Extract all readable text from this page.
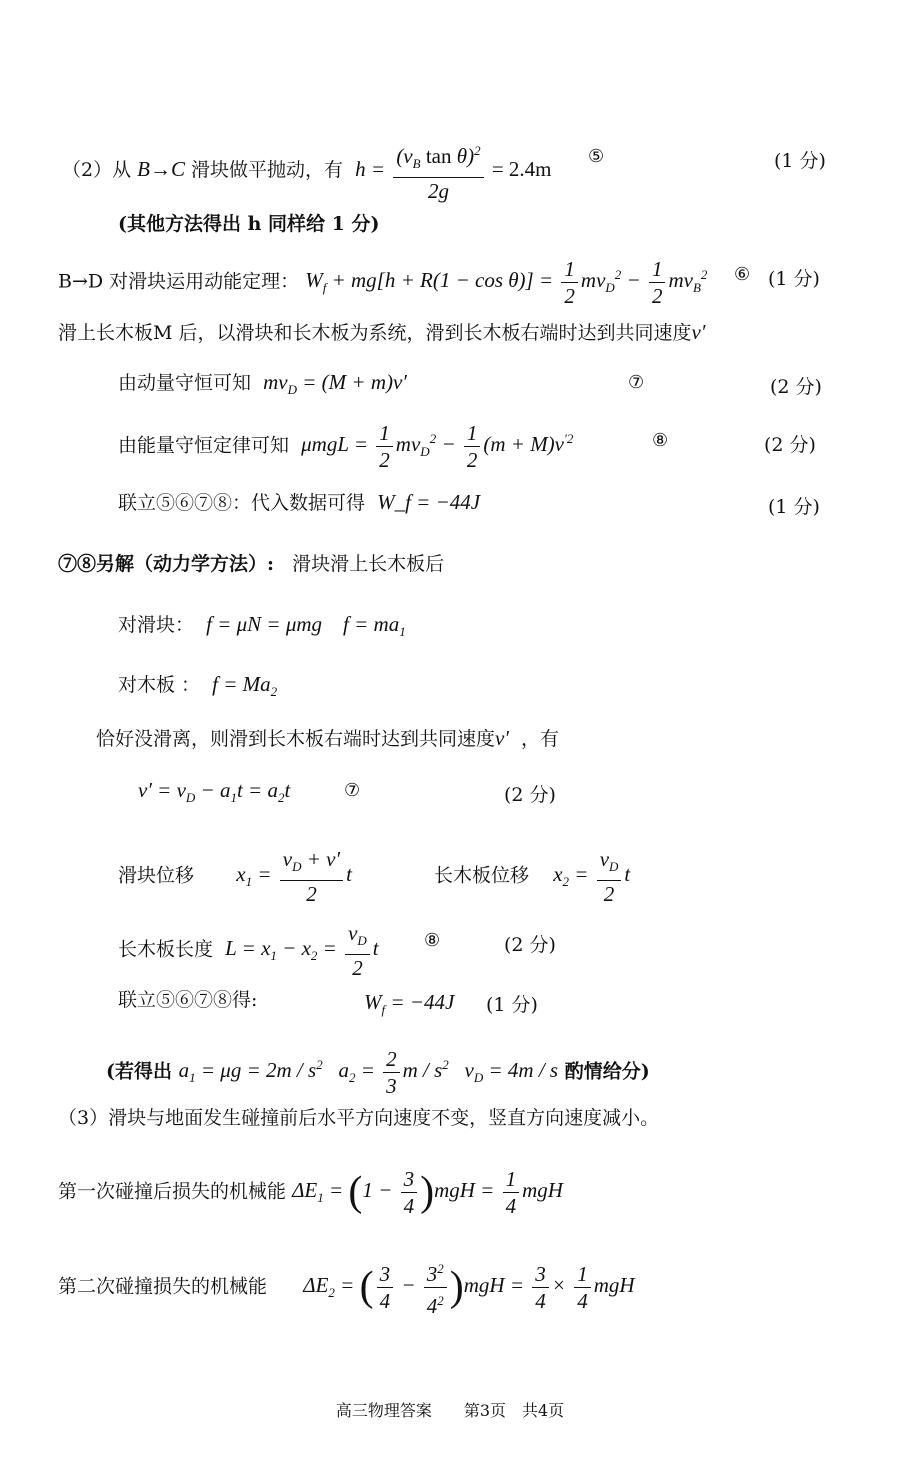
（2）从 B→C 滑块做平抛动，有 $h = \frac{(v_B \tan \theta)^2}{2g} = 2.4m$
⑤	(1 分)
(其他方法得出 h 同样给 1 分)
B→D 对滑块运用动能定理： $W_f + mg[h + R(1 - \cos \theta)] = \frac{1}{2} mv_D^2 - \frac{1}{2} mv_B^2$ ⑥ (1 分)
滑上长木板M 后，以滑块和长木板为系统，滑到长木板右端时达到共同速度v′
由动量守恒可知 $mv_D = (M + m)v'$	⑦	(2 分)
由能量守恒定律可知 $\mu mgL = \frac{1}{2} mv_D^2 - \frac{1}{2} (m + M)v^{'2}$	⑧	(2 分)
联立⑤⑥⑦⑧：代入数据可得 W_f = −44J	(1 分)
⑦⑧另解（动力学方法）: 滑块滑上长木板后
对滑块： f = μN = μmg    $f = ma_1$
对木板 ： $f = Ma_2$
恰好没滑离，则滑到长木板右端时达到共同速度v′ ，有
$v' = v_D - a_1t = a_2t$	⑦	(2 分)
滑块位移 $x_1 = \frac{v_D + v'}{2}$ t	长木板位移 $x_2 = \frac{v_D}{2}$ t
长木板长度 $L = x_1 - x_2 = \frac{v_D}{2}$ t	⑧	(2 分)
联立⑤⑥⑦⑧得:	$W_f = -44J$ (1 分)
(若得出 $a_1 = \mu g = 2m / s^2$   $a_2 = \frac{2}{3}$ m / $s^2$   $v_D = 4m / s$ 酌情给分)
（3）滑块与地面发生碰撞前后水平方向速度不变，竖直方向速度减小。
第一次碰撞后损失的机械能 $\Delta E_1 = (1 - \frac{3}{4} )mgH = \frac{1}{4}$ mgH
第二次碰撞损失的机械能 $\Delta E_2$ = ( $\frac{3}{4} - \frac{3^2}{4^2} )mgH = \frac{3}{4} \times \frac{1}{4}$ mgH
高三物理答案　　第3页　共4页
